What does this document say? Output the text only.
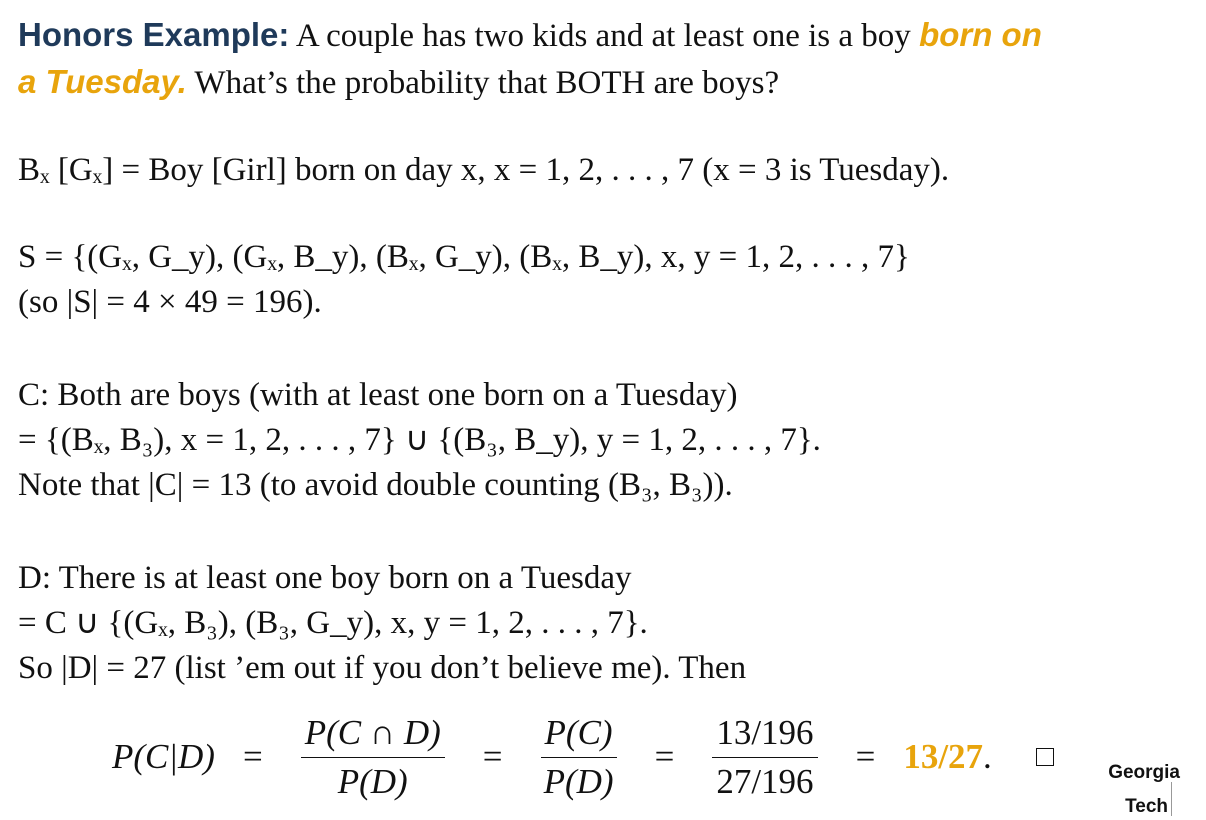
Honors Example: A couple has two kids and at least one is a boy born on
a Tuesday. What’s the probability that BOTH are boys?
Bₓ [Gₓ] = Boy [Girl] born on day x, x = 1, 2, . . . , 7 (x = 3 is Tuesday).
S = {(Gₓ, G_y), (Gₓ, B_y), (Bₓ, G_y), (Bₓ, B_y), x, y = 1, 2, . . . , 7}
(so |S| = 4 × 49 = 196).
C: Both are boys (with at least one born on a Tuesday)
= {(Bₓ, B₃), x = 1, 2, . . . , 7} ∪ {(B₃, B_y), y = 1, 2, . . . , 7}.
Note that |C| = 13 (to avoid double counting (B₃, B₃)).
D: There is at least one boy born on a Tuesday
= C ∪ {(Gₓ, B₃), (B₃, G_y), x, y = 1, 2, . . . , 7}.
So |D| = 27 (list ’em out if you don’t believe me). Then
$P(C|D) = \frac{P(C \cap D)}{P(D)} = \frac{P(C)}{P(D)} = \frac{13/196}{27/196} = 13/27$ .	Georgia
Tech
